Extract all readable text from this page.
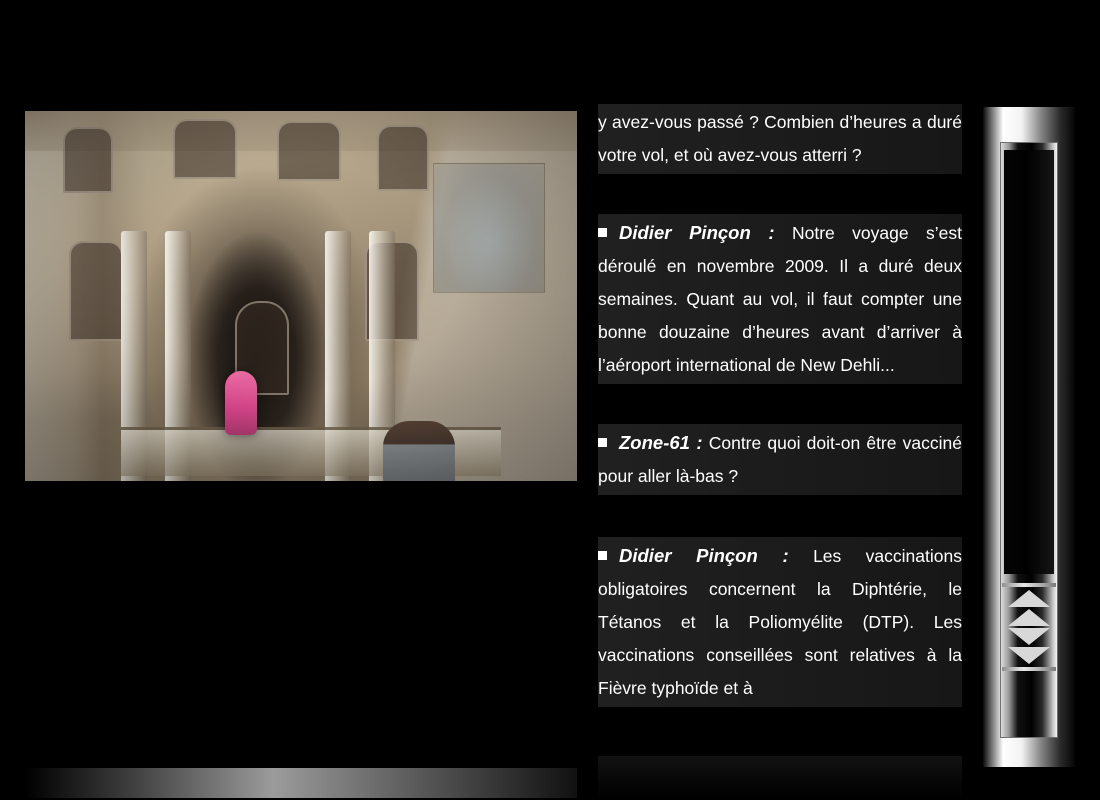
y avez-vous passé ? Combien d’heures a duré votre vol, et où avez-vous atterri ?

Didier Pinçon : Notre voyage s’est déroulé en novembre 2009. Il a duré deux semaines. Quant au vol, il faut compter une bonne douzaine d’heures avant d’arriver à l’aéroport international de New Dehli...

Zone-61 : Contre quoi doit-on être vacciné pour aller là-bas ?

Didier Pinçon : Les vaccinations obligatoires concernent la Diphtérie, le Tétanos et la Poliomyélite (DTP). Les vaccinations conseillées sont relatives à la Fièvre typhoïde et à
